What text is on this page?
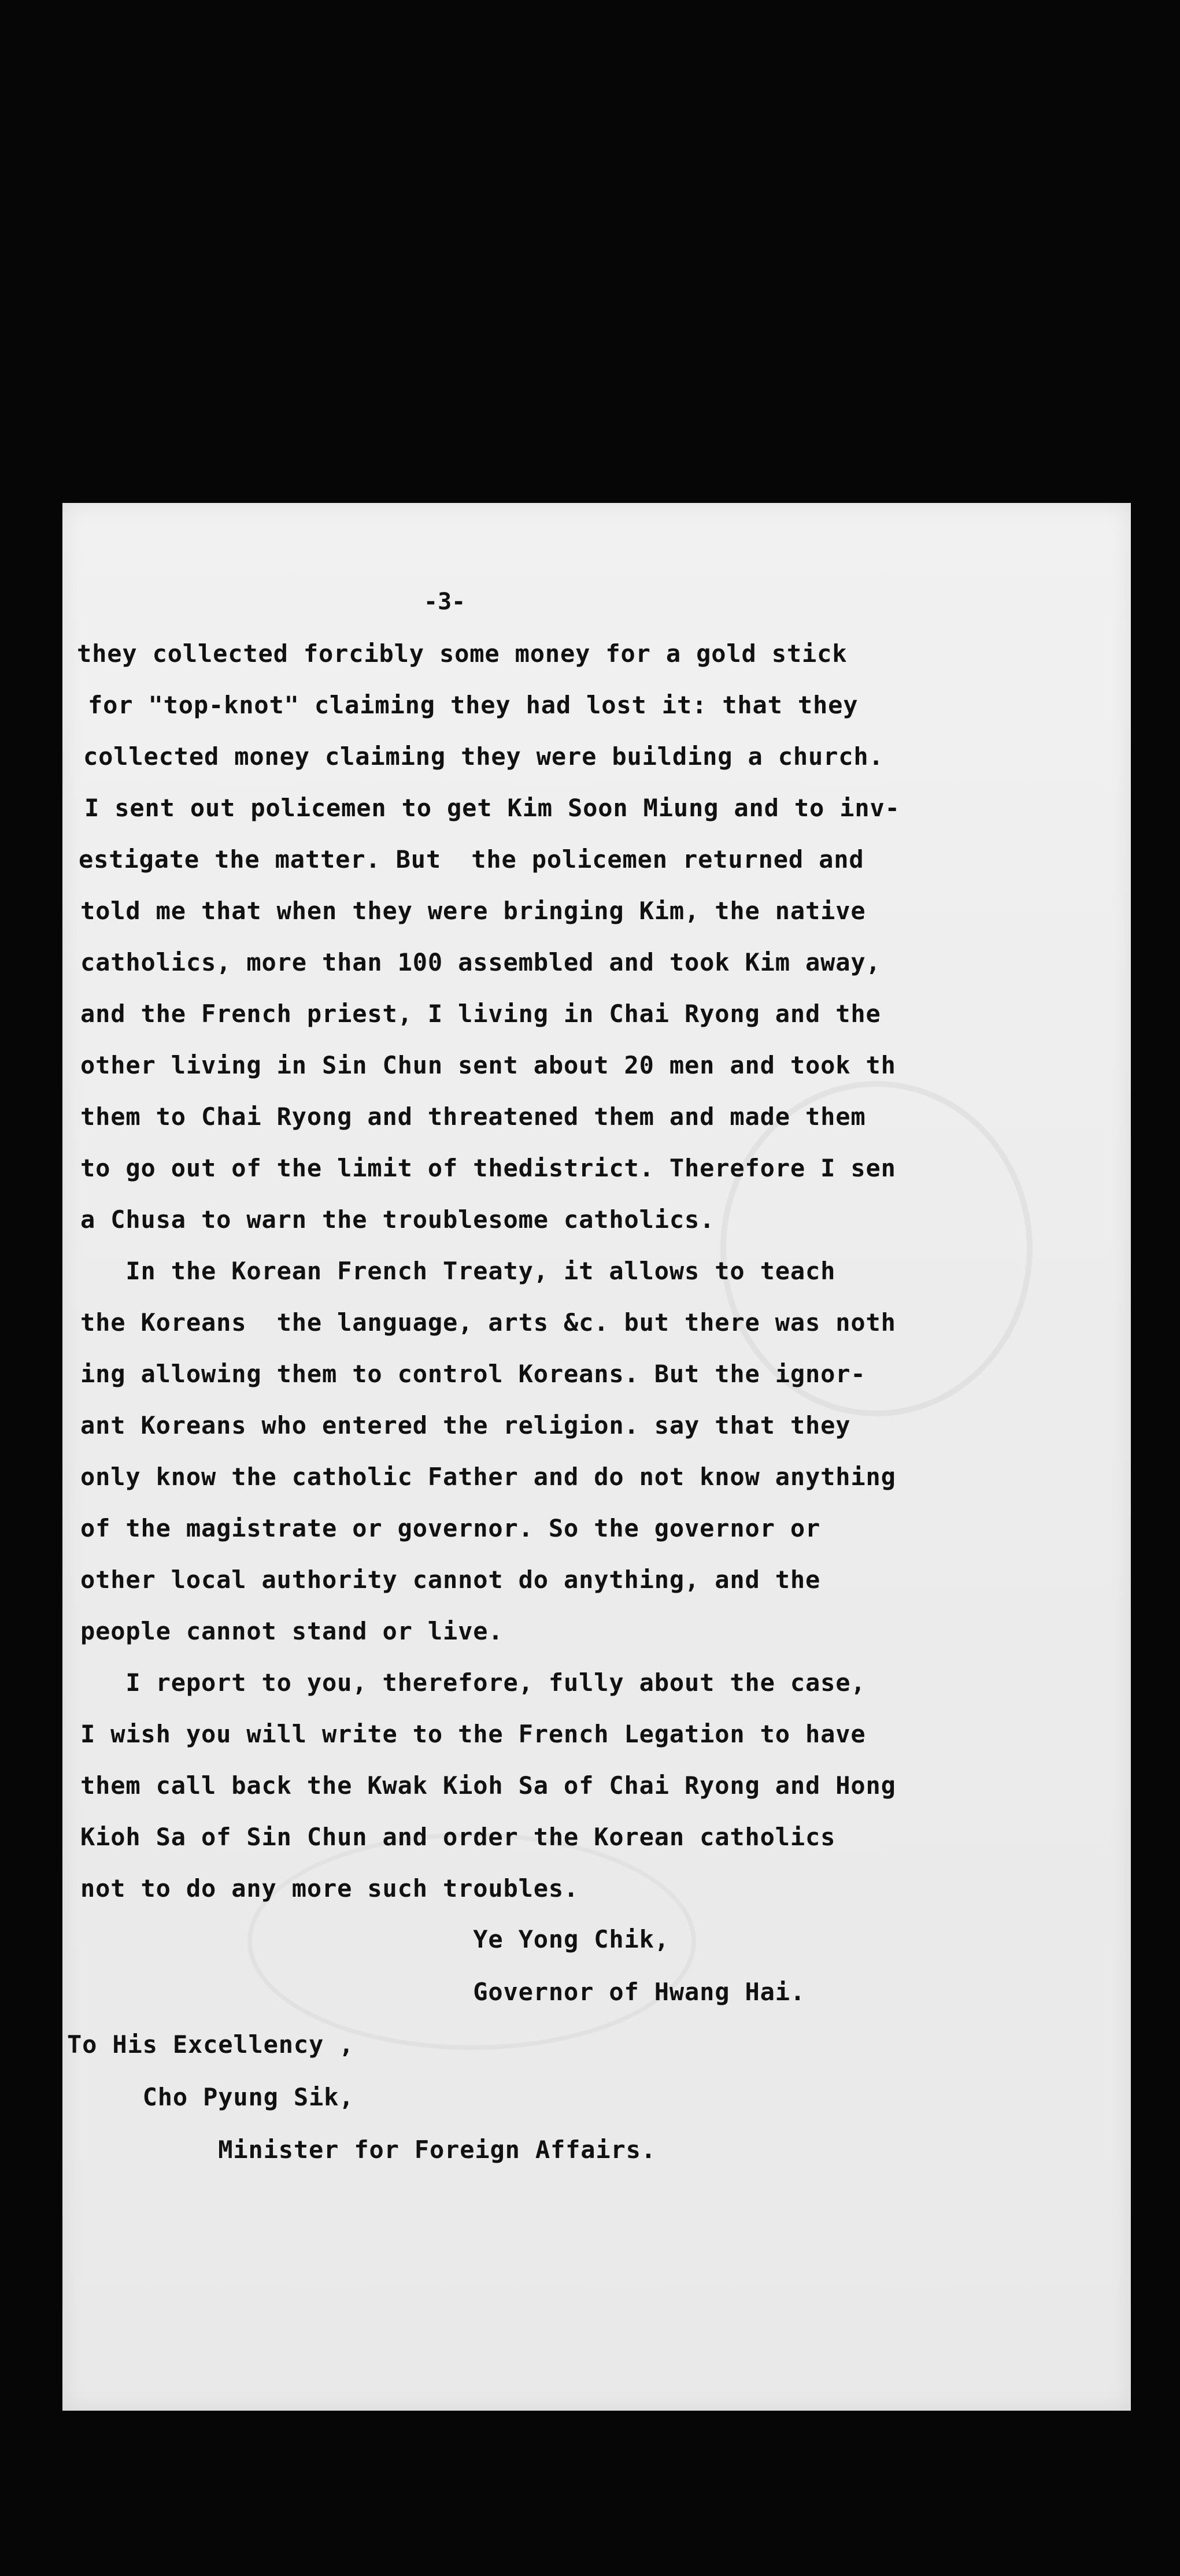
-3-
they collected forcibly some money for a gold stick
for "top-knot" claiming they had lost it: that they
collected money claiming they were building a church.
I sent out policemen to get Kim Soon Miung and to inv-
estigate the matter. But  the policemen returned and
told me that when they were bringing Kim, the native
catholics, more than 100 assembled and took Kim away,
and the French priest, I living in Chai Ryong and the
other living in Sin Chun sent about 20 men and took th
them to Chai Ryong and threatened them and made them
to go out of the limit of thedistrict. Therefore I sen
a Chusa to warn the troublesome catholics.
In the Korean French Treaty, it allows to teach
the Koreans  the language, arts &c. but there was noth
ing allowing them to control Koreans. But the ignor-
ant Koreans who entered the religion. say that they
only know the catholic Father and do not know anything
of the magistrate or governor. So the governor or
other local authority cannot do anything, and the
people cannot stand or live.
I report to you, therefore, fully about the case,
I wish you will write to the French Legation to have
them call back the Kwak Kioh Sa of Chai Ryong and Hong
Kioh Sa of Sin Chun and order the Korean catholics
not to do any more such troubles.
Ye Yong Chik,
Governor of Hwang Hai.
To His Excellency ,
Cho Pyung Sik,
Minister for Foreign Affairs.
